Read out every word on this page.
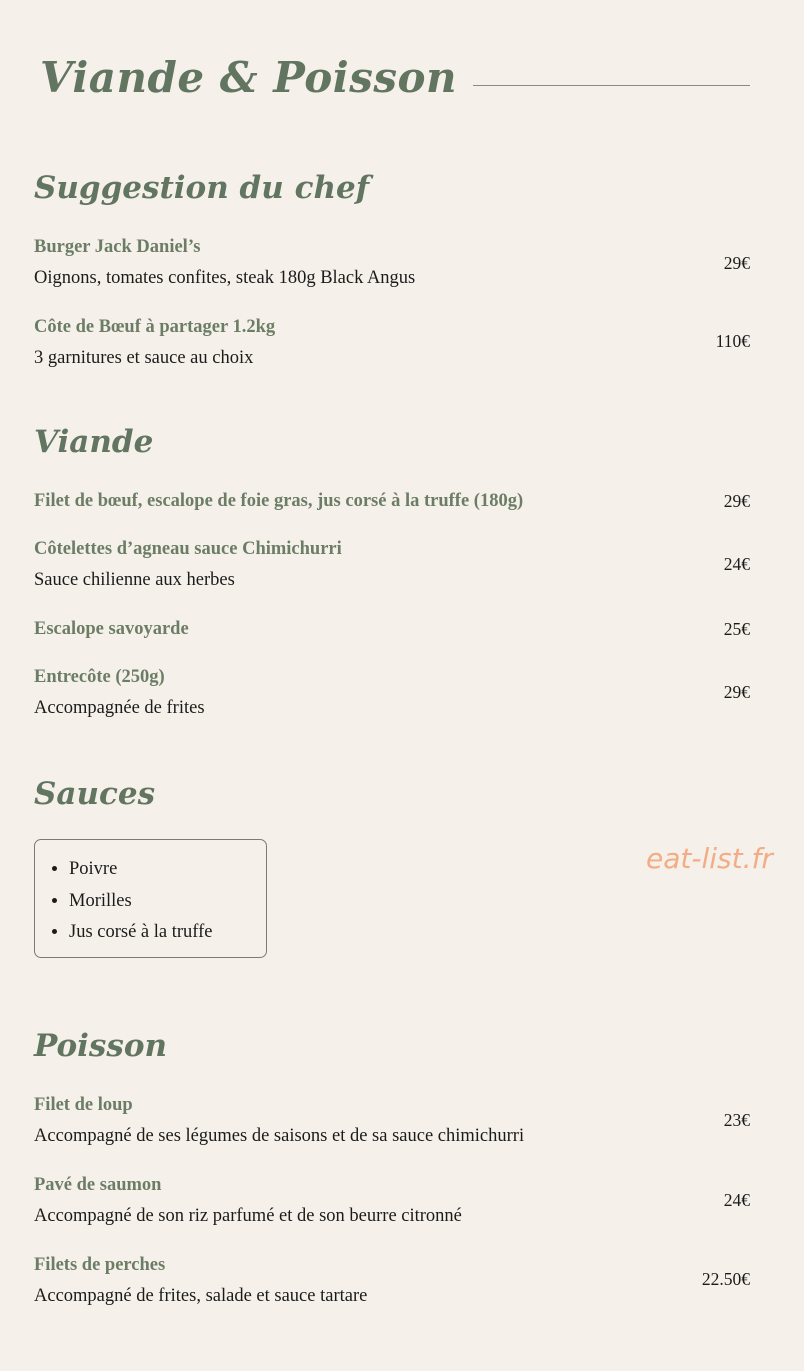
Viande & Poisson
Suggestion du chef
Burger Jack Daniel’s
Oignons, tomates confites, steak 180g Black Angus
29€
Côte de Bœuf à partager 1.2kg
3 garnitures et sauce au choix
110€
Viande
Filet de bœuf, escalope de foie gras, jus corsé à la truffe (180g)	29€
Côtelettes d’agneau sauce Chimichurri
Sauce chilienne aux herbes
24€
Escalope savoyarde	25€
Entrecôte (250g)
Accompagnée de frites
29€
Sauces
• Poivre
• Morilles
• Jus corsé à la truffe
eat-list.fr
Poisson
Filet de loup
Accompagné de ses légumes de saisons et de sa sauce chimichurri
23€
Pavé de saumon
Accompagné de son riz parfumé et de son beurre citronné
24€
Filets de perches
Accompagné de frites, salade et sauce tartare
22.50€
